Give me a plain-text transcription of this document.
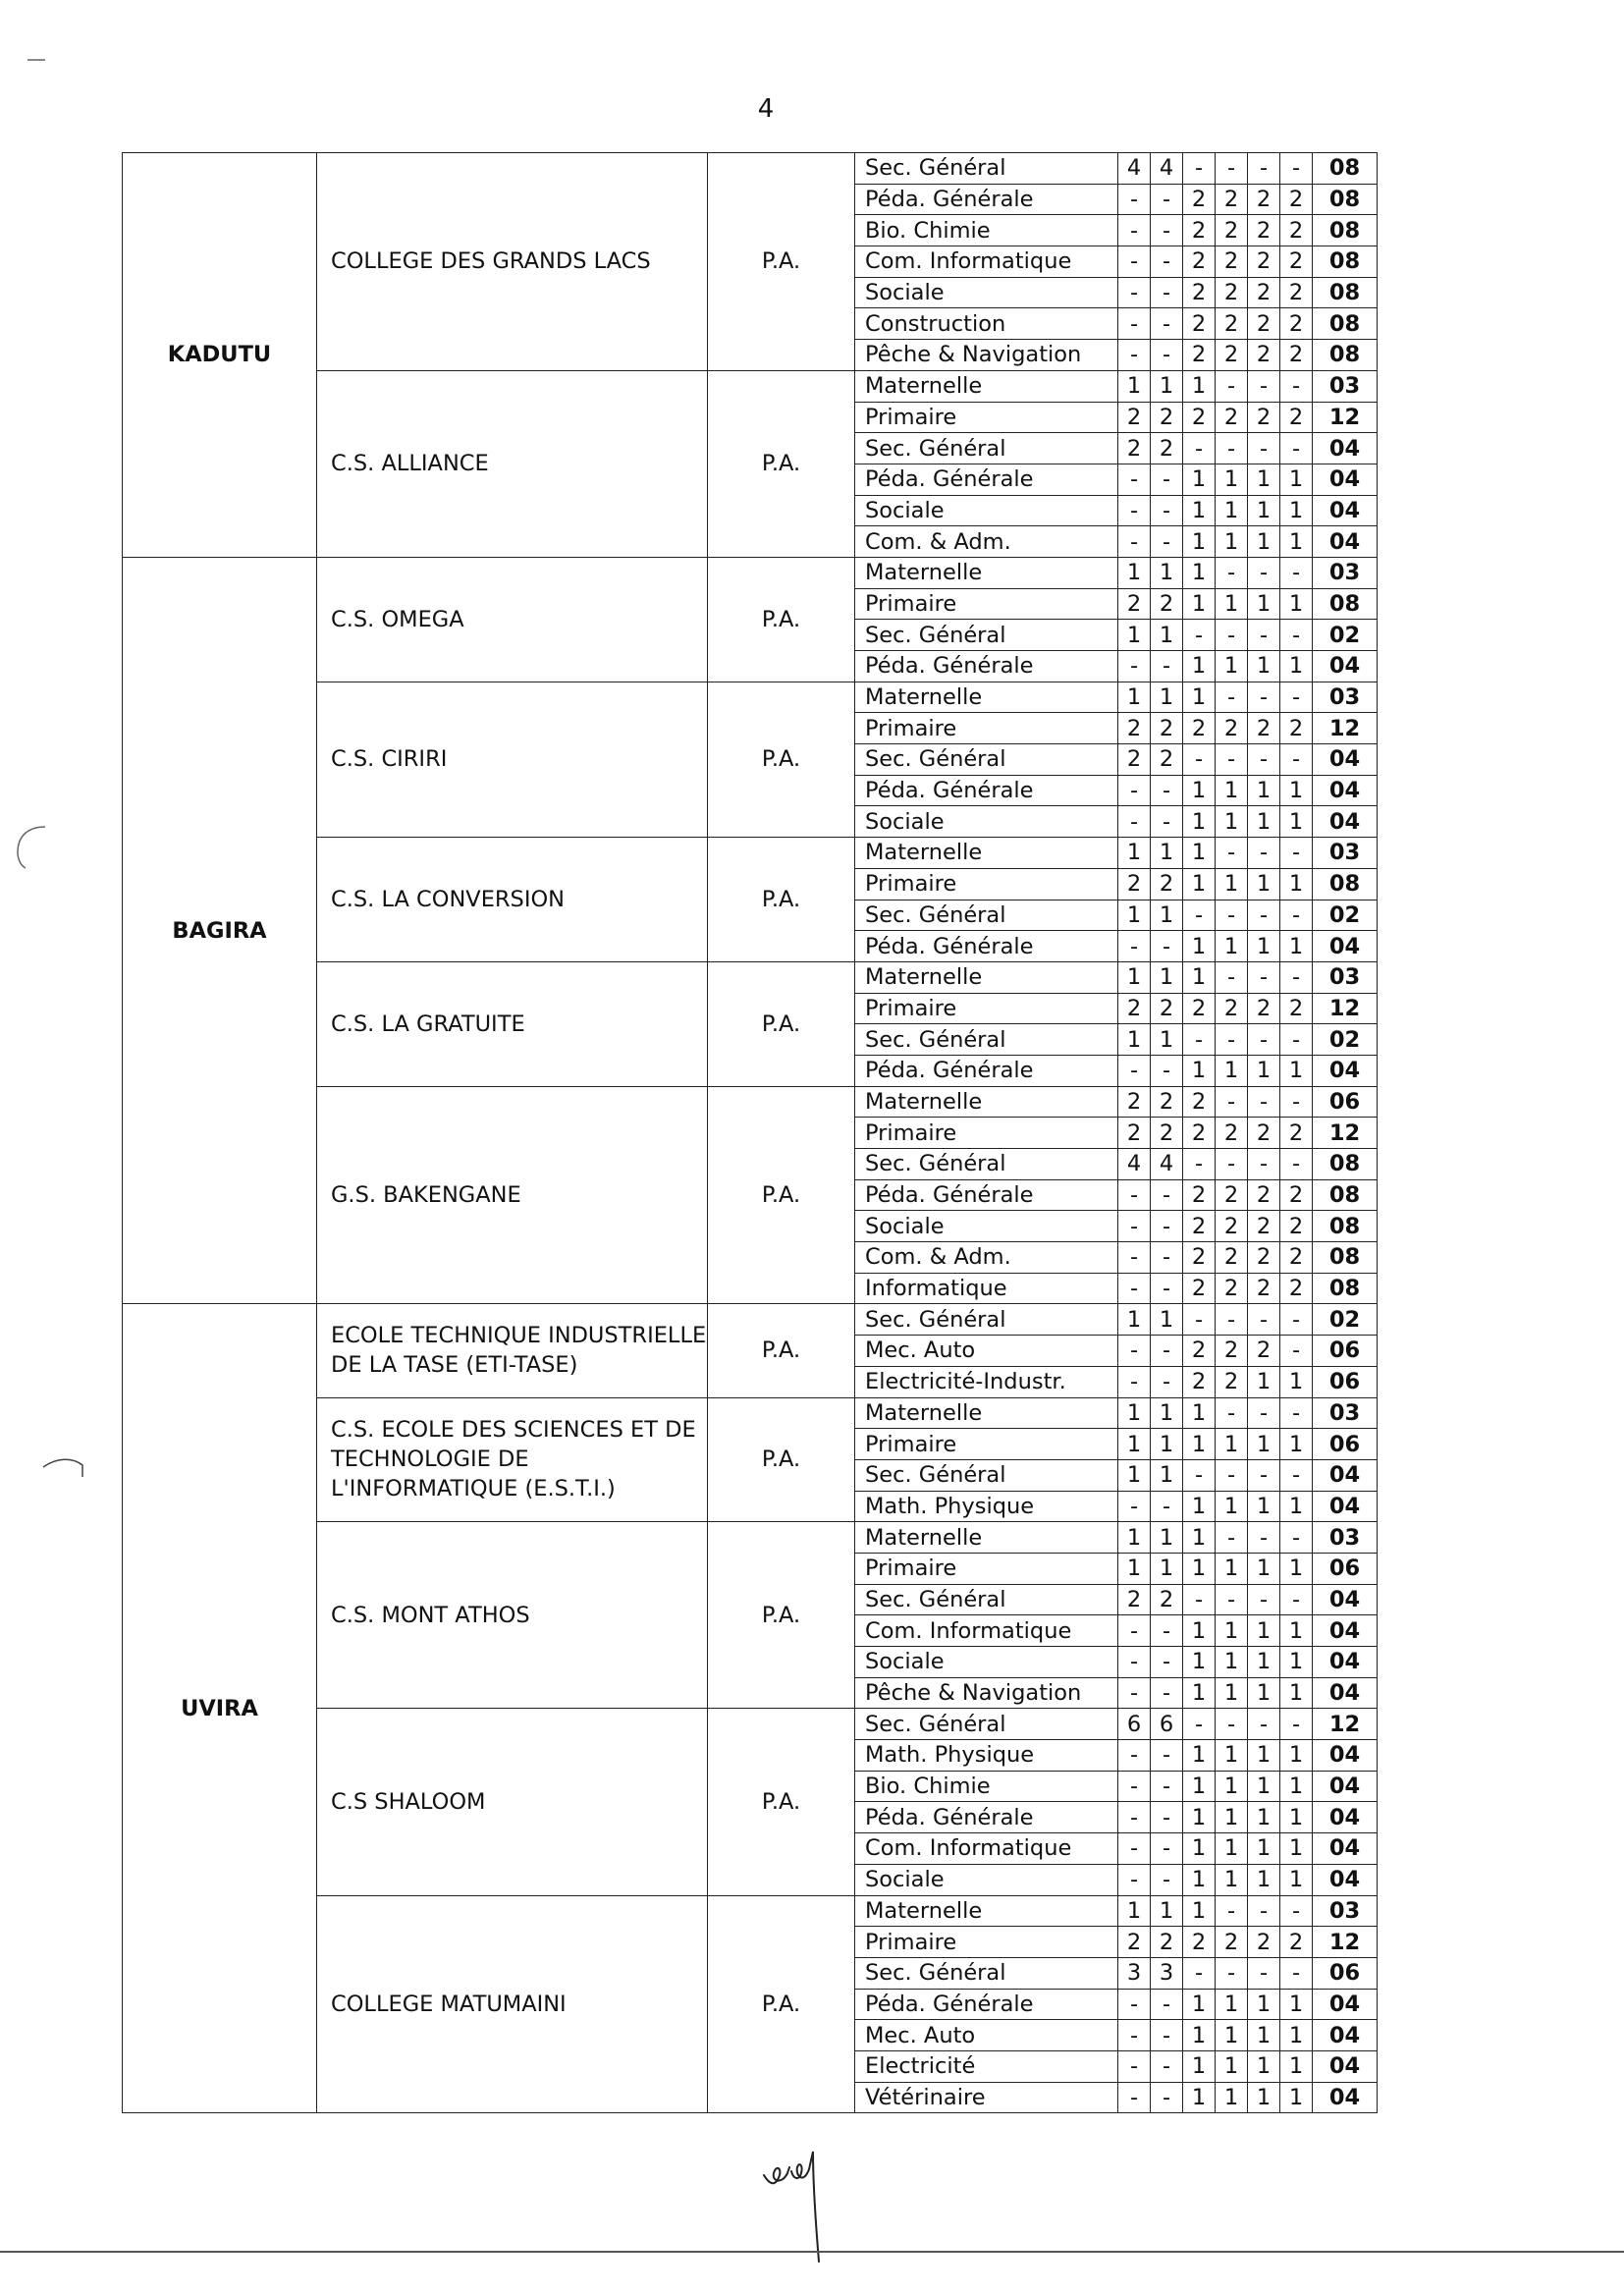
4
KADUTU	COLLEGE DES GRANDS LACS	P.A.	Sec. Général	4	4	-	-	-	-	08
			Péda. Générale	-	-	2	2	2	2	08
			Bio. Chimie	-	-	2	2	2	2	08
			Com. Informatique	-	-	2	2	2	2	08
			Sociale	-	-	2	2	2	2	08
			Construction	-	-	2	2	2	2	08
			Pêche & Navigation	-	-	2	2	2	2	08
	C.S. ALLIANCE	P.A.	Maternelle	1	1	1	-	-	-	03
			Primaire	2	2	2	2	2	2	12
			Sec. Général	2	2	-	-	-	-	04
			Péda. Générale	-	-	1	1	1	1	04
			Sociale	-	-	1	1	1	1	04
			Com. & Adm.	-	-	1	1	1	1	04
BAGIRA	C.S. OMEGA	P.A.	Maternelle	1	1	1	-	-	-	03
			Primaire	2	2	1	1	1	1	08
			Sec. Général	1	1	-	-	-	-	02
			Péda. Générale	-	-	1	1	1	1	04
	C.S. CIRIRI	P.A.	Maternelle	1	1	1	-	-	-	03
			Primaire	2	2	2	2	2	2	12
			Sec. Général	2	2	-	-	-	-	04
			Péda. Générale	-	-	1	1	1	1	04
			Sociale	-	-	1	1	1	1	04
	C.S. LA CONVERSION	P.A.	Maternelle	1	1	1	-	-	-	03
			Primaire	2	2	1	1	1	1	08
			Sec. Général	1	1	-	-	-	-	02
			Péda. Générale	-	-	1	1	1	1	04
	C.S. LA GRATUITE	P.A.	Maternelle	1	1	1	-	-	-	03
			Primaire	2	2	2	2	2	2	12
			Sec. Général	1	1	-	-	-	-	02
			Péda. Générale	-	-	1	1	1	1	04
	G.S. BAKENGANE	P.A.	Maternelle	2	2	2	-	-	-	06
			Primaire	2	2	2	2	2	2	12
			Sec. Général	4	4	-	-	-	-	08
			Péda. Générale	-	-	2	2	2	2	08
			Sociale	-	-	2	2	2	2	08
			Com. & Adm.	-	-	2	2	2	2	08
			Informatique	-	-	2	2	2	2	08
UVIRA	ECOLE TECHNIQUE INDUSTRIELLE DE LA TASE (ETI-TASE)	P.A.	Sec. Général	1	1	-	-	-	-	02
			Mec. Auto	-	-	2	2	2	-	06
			Electricité-Industr.	-	-	2	2	1	1	06
	C.S. ECOLE DES SCIENCES ET DE TECHNOLOGIE DE L'INFORMATIQUE (E.S.T.I.)	P.A.	Maternelle	1	1	1	-	-	-	03
			Primaire	1	1	1	1	1	1	06
			Sec. Général	1	1	-	-	-	-	04
			Math. Physique	-	-	1	1	1	1	04
	C.S. MONT ATHOS	P.A.	Maternelle	1	1	1	-	-	-	03
			Primaire	1	1	1	1	1	1	06
			Sec. Général	2	2	-	-	-	-	04
			Com. Informatique	-	-	1	1	1	1	04
			Sociale	-	-	1	1	1	1	04
			Pêche & Navigation	-	-	1	1	1	1	04
	C.S SHALOOM	P.A.	Sec. Général	6	6	-	-	-	-	12
			Math. Physique	-	-	1	1	1	1	04
			Bio. Chimie	-	-	1	1	1	1	04
			Péda. Générale	-	-	1	1	1	1	04
			Com. Informatique	-	-	1	1	1	1	04
			Sociale	-	-	1	1	1	1	04
	COLLEGE MATUMAINI	P.A.	Maternelle	1	1	1	-	-	-	03
			Primaire	2	2	2	2	2	2	12
			Sec. Général	3	3	-	-	-	-	06
			Péda. Générale	-	-	1	1	1	1	04
			Mec. Auto	-	-	1	1	1	1	04
			Electricité	-	-	1	1	1	1	04
			Vétérinaire	-	-	1	1	1	1	04
